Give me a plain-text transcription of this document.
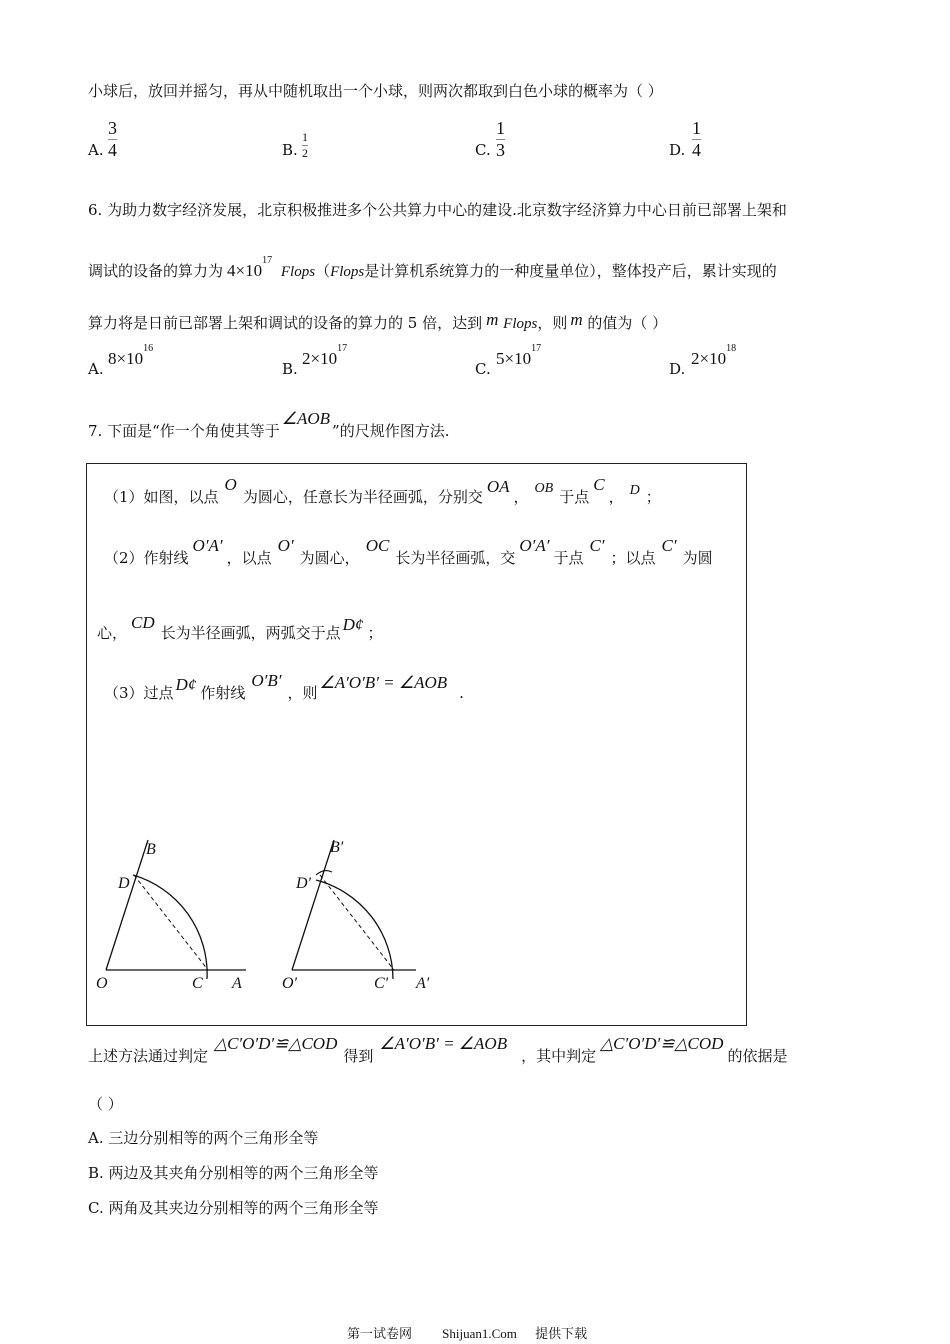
小球后，放回并摇匀，再从中随机取出一个小球，则两次都取到白色小球的概率为（ ）
A.
3
4	B.
1
2	C.
1
3	D.
1
4
6. 为助力数字经济发展，北京积极推进多个公共算力中心的建设.北京数字经济算力中心日前已部署上架和
调试的设备的算力为 $4\times 10^{17}$ Flops（Flops是计算机系统算力的一种度量单位），整体投产后，累计实现的
算力将是日前已部署上架和调试的设备的算力的 5 倍，达到 m Flops，则 m 的值为（ ）
A.
$8\times 10^{16}$
B.
$2\times 10^{17}$
C.
$5\times 10^{17}$
D.
$2\times 10^{18}$
7. 下面是“作一个角使其等于∠AOB”的尺规作图方法.
（1）如图，以点O为圆心，任意长为半径画弧，分别交OA， OB 于点C， D ；
（2）作射线O′A′，以点O′为圆心，OC长为半径画弧，交O′A′于点C′；以点C′为圆
心，CD长为半径画弧，两弧交于点 D¢ ；
（3）过点 D¢ 作射线O′B′，则∠A′O′B′ = ∠AOB.
B
D
O	C A
B′
D′
O′	C′ A′
上述方法通过判定△C′O′D′≌△COD得到∠A′O′B′ = ∠AOB，其中判定△C′O′D′≌△COD的依据是
（ ）
A. 三边分别相等的两个三角形全等
B. 两边及其夹角分别相等的两个三角形全等
C. 两角及其夹边分别相等的两个三角形全等
第一试卷网 Shijuan1.Com 提供下载
